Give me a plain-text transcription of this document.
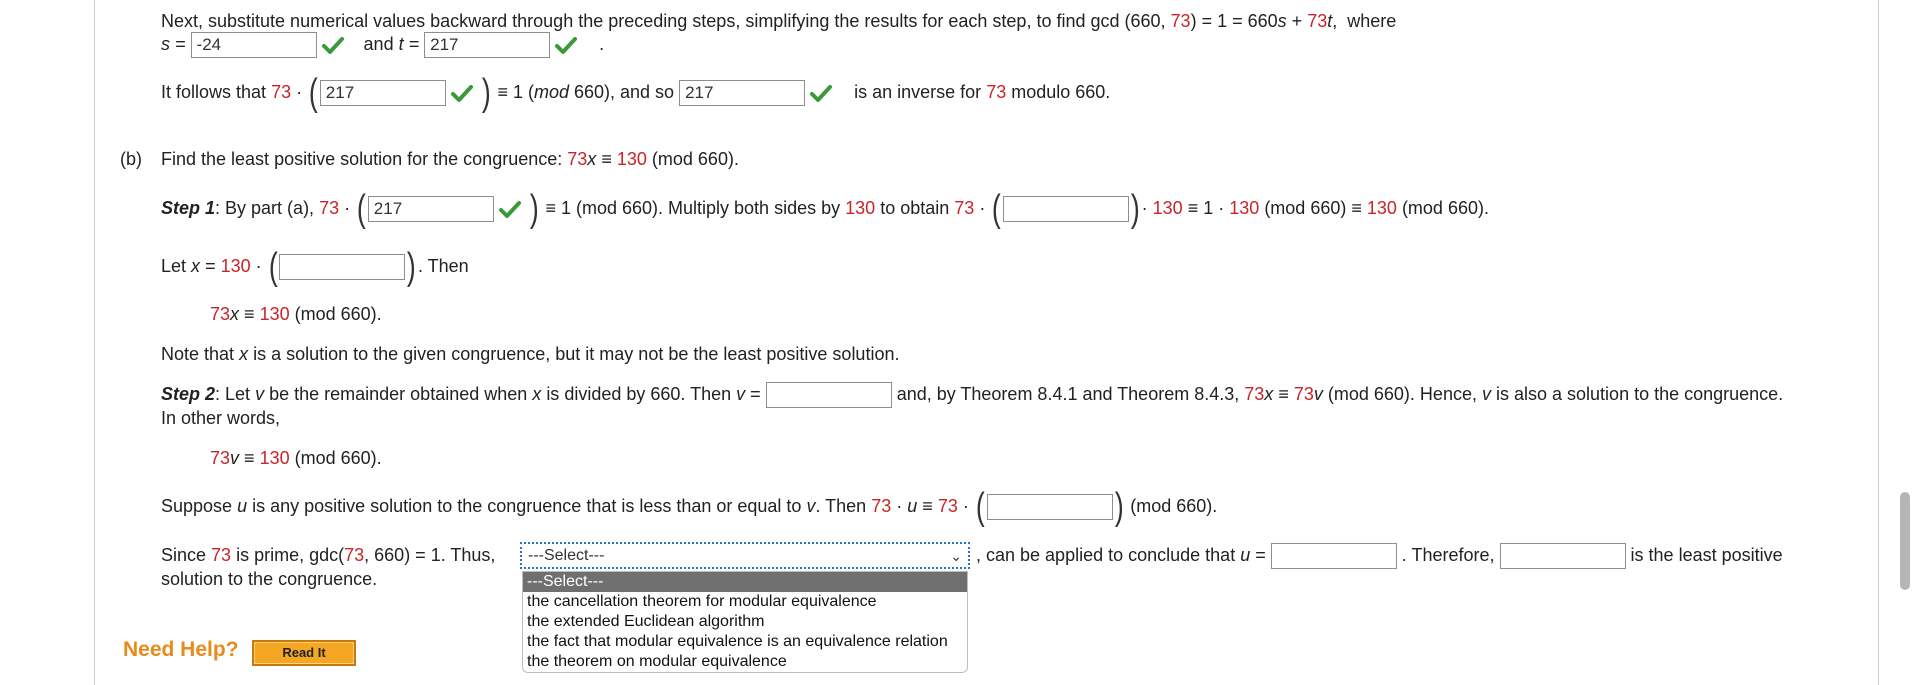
Next, substitute numerical values backward through the preceding steps, simplifying the results for each step, to find gcd (660, 73) = 1 = 660s + 73t,  where
s = -24	and t = 217	.
It follows that 73 · ( 217	) ≡ 1 (mod 660), and so 217	is an inverse for 73 modulo 660.
(b) Find the least positive solution for the congruence: 73x ≡ 130 (mod 660).
Step 1: By part (a), 73 · ( 217	) ≡ 1 (mod 660). Multiply both sides by 130 to obtain 73 · (	) · 130 ≡ 1 · 130 (mod 660) ≡ 130 (mod 660).
Let x = 130 · (	) . Then
73x ≡ 130 (mod 660).
Note that x is a solution to the given congruence, but it may not be the least positive solution.
Step 2: Let v be the remainder obtained when x is divided by 660. Then v =	and, by Theorem 8.4.1 and Theorem 8.4.3, 73x ≡ 73v (mod 660). Hence, v is also a solution to the congruence.
In other words,
73v ≡ 130 (mod 660).
Suppose u is any positive solution to the congruence that is less than or equal to v. Then 73 · u ≡ 73 · (	) (mod 660).
Since 73 is prime, gdc(73, 660) = 1. Thus,	---Select---	⌄ , can be applied to conclude that u =	. Therefore,	is the least positive
solution to the congruence.	---Select---
the cancellation theorem for modular equivalence
the extended Euclidean algorithm
the fact that modular equivalence is an equivalence relation
the theorem on modular equivalence
Need Help?	Read It
